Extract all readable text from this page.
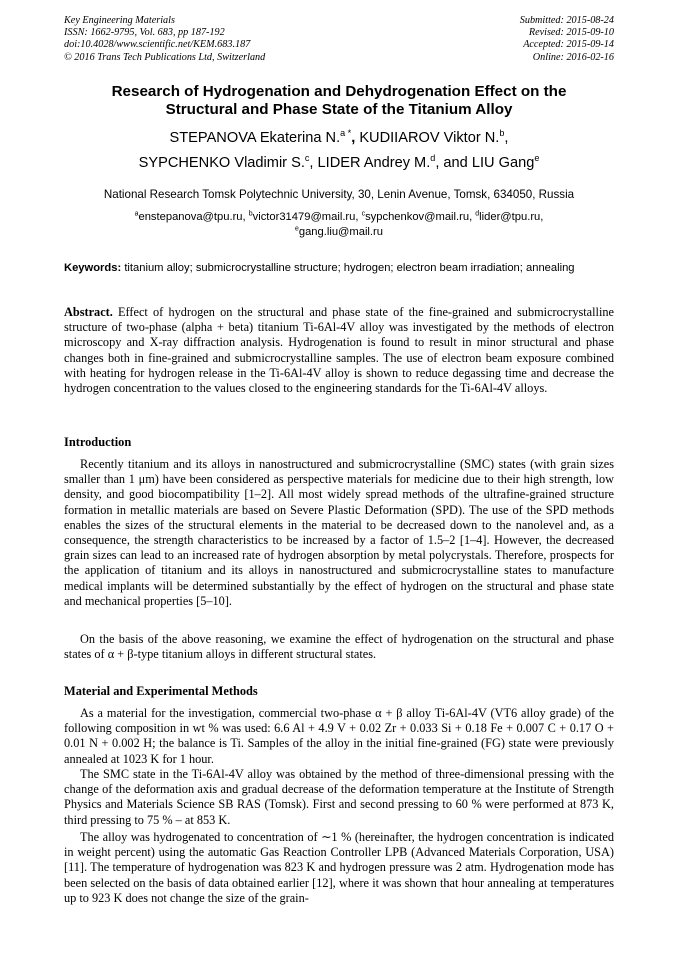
Key Engineering Materials
ISSN: 1662-9795, Vol. 683, pp 187-192
doi:10.4028/www.scientific.net/KEM.683.187
© 2016 Trans Tech Publications Ltd, Switzerland
Submitted: 2015-08-24
Revised: 2015-09-10
Accepted: 2015-09-14
Online: 2016-02-16
Research of Hydrogenation and Dehydrogenation Effect on the
Structural and Phase State of the Titanium Alloy
STEPANOVA Ekaterina N.$^{a *}$, KUDIIAROV Viktor N.$^b$,
SYPCHENKO Vladimir S.$^c$, LIDER Andrey M.$^d$, and LIU Gang$^e$
National Research Tomsk Polytechnic University, 30, Lenin Avenue, Tomsk, 634050, Russia
$^a$enstepanova@tpu.ru, $^b$victor31479@mail.ru, $^c$sypchenkov@mail.ru, $^d$lider@tpu.ru,
$^e$gang.liu@mail.ru
Keywords: titanium alloy; submicrocrystalline structure; hydrogen; electron beam irradiation; annealing
Abstract. Effect of hydrogen on the structural and phase state of the fine-grained and submicrocrystalline structure of two-phase (alpha + beta) titanium Ti-6Al-4V alloy was investigated by the methods of electron microscopy and X-ray diffraction analysis. Hydrogenation is found to result in minor structural and phase changes both in fine-grained and submicrocrystalline samples. The use of electron beam exposure combined with heating for hydrogen release in the Ti-6Al-4V alloy is shown to reduce degassing time and decrease the hydrogen concentration to the values closed to the engineering standards for the Ti-6Al-4V alloys.
Introduction

Recently titanium and its alloys in nanostructured and submicrocrystalline (SMC) states (with grain sizes smaller than 1 μm) have been considered as perspective materials for medicine due to their high strength, low density, and good biocompatibility [1–2]. All most widely spread methods of the ultrafine-grained structure formation in metallic materials are based on Severe Plastic Deformation (SPD). The use of the SPD methods enables the sizes of the structural elements in the material to be decreased down to the nanolevel and, as a consequence, the strength characteristics to be increased by a factor of 1.5–2 [1–4]. However, the decreased grain sizes can lead to an increased rate of hydrogen absorption by metal polycrystals. Therefore, prospects for the application of titanium and its alloys in nanostructured and submicrocrystalline states to manufacture medical implants will be determined substantially by the effect of hydrogen on the structural and phase state and mechanical properties [5–10].

On the basis of the above reasoning, we examine the effect of hydrogenation on the structural and phase states of α + β-type titanium alloys in different structural states.

Material and Experimental Methods

As a material for the investigation, commercial two-phase α + β alloy Ti-6Al-4V (VT6 alloy grade) of the following composition in wt % was used: 6.6 Al + 4.9 V + 0.02 Zr + 0.033 Si + 0.18 Fe + 0.007 C + 0.17 O + 0.01 N + 0.002 H; the balance is Ti. Samples of the alloy in the initial fine-grained (FG) state were previously annealed at 1023 K for 1 hour.

The SMC state in the Ti-6Al-4V alloy was obtained by the method of three-dimensional pressing with the change of the deformation axis and gradual decrease of the deformation temperature at the Institute of Strength Physics and Materials Science SB RAS (Tomsk). First and second pressing to 60 % were performed at 873 K, third pressing to 75 % – at 853 K.

The alloy was hydrogenated to concentration of ∼1 % (hereinafter, the hydrogen concentration is indicated in weight percent) using the automatic Gas Reaction Controller LPB (Advanced Materials Corporation, USA) [11]. The temperature of hydrogenation was 823 K and hydrogen pressure was 2 atm. Hydrogenation mode has been selected on the basis of data obtained earlier [12], where it was shown that hour annealing at temperatures up to 923 K does not change the size of the grain-
